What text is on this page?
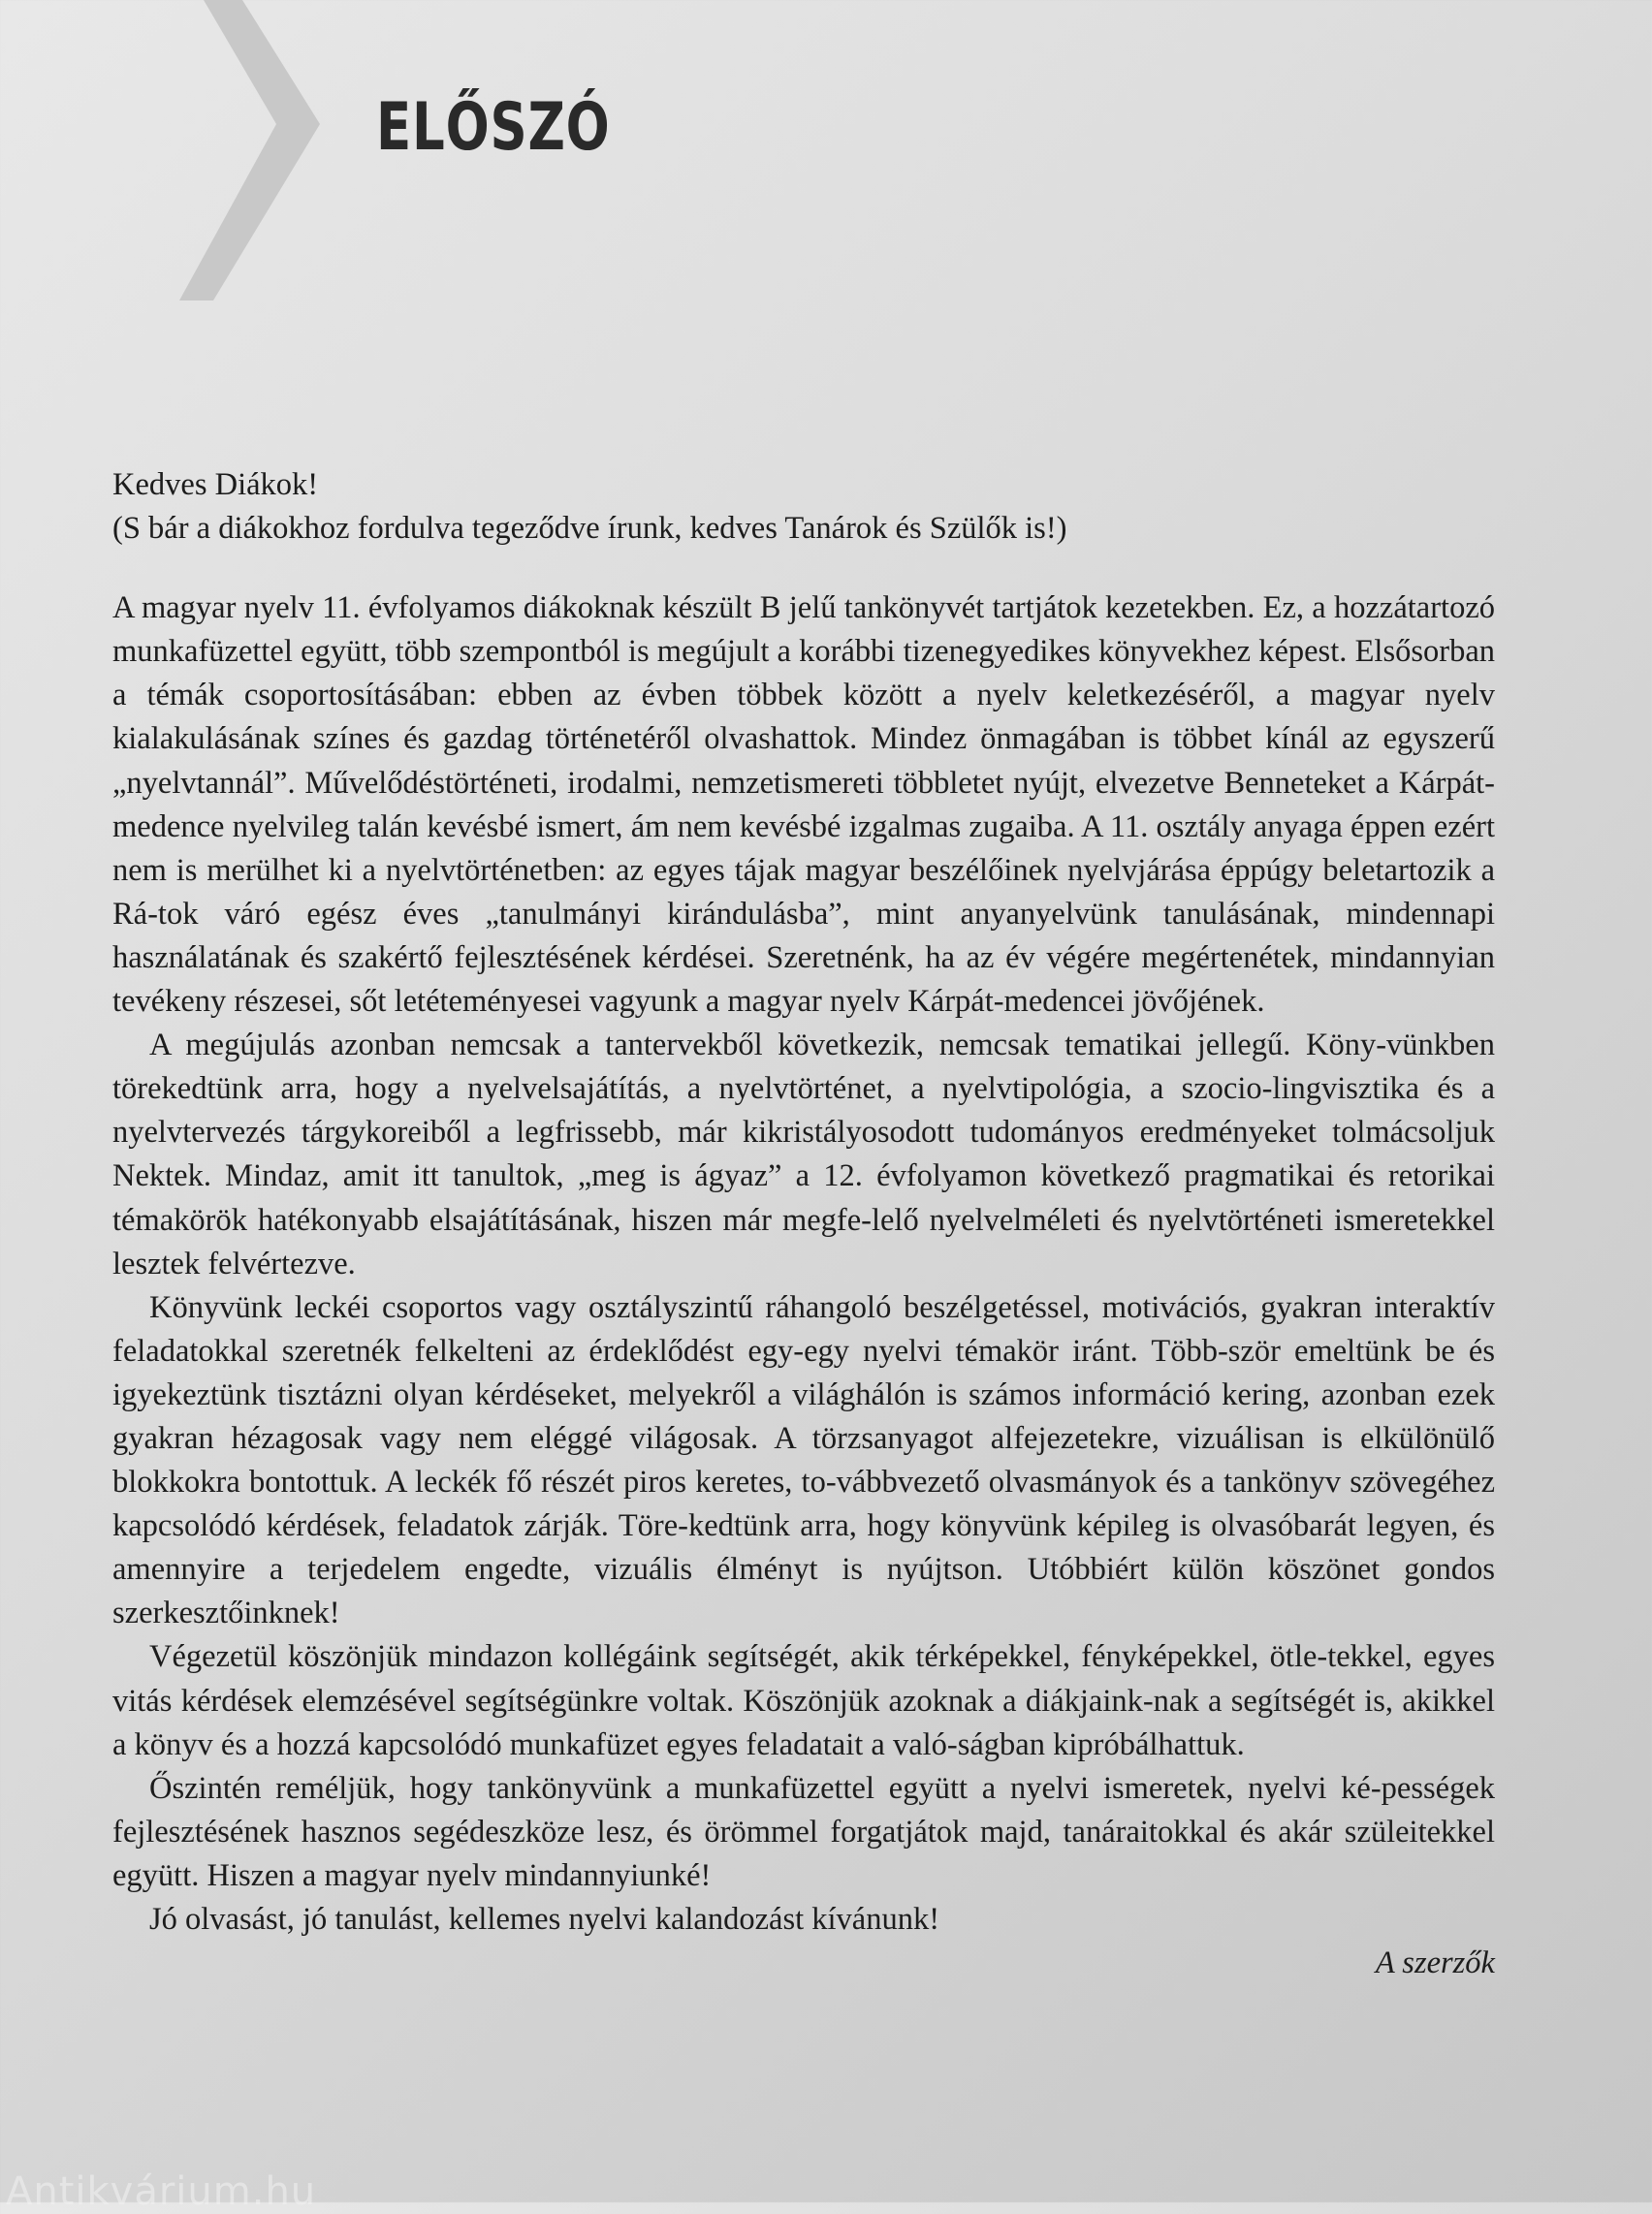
ELŐSZÓ

Kedves Diákok!

(S bár a diákokhoz fordulva tegeződve írunk, kedves Tanárok és Szülők is!)

A magyar nyelv 11. évfolyamos diákoknak készült B jelű tankönyvét tartjátok kezetekben. Ez, a hozzátartozó munkafüzettel együtt, több szempontból is megújult a korábbi tizenegyedikes könyvekhez képest. Elsősorban a témák csoportosításában: ebben az évben többek között a nyelv keletkezéséről, a magyar nyelv kialakulásának színes és gazdag történetéről olvashattok. Mindez önmagában is többet kínál az egyszerű „nyelvtannál”. Művelődéstörténeti, irodalmi, nemzetismereti többletet nyújt, elvezetve Benneteket a Kárpát-medence nyelvileg talán kevésbé ismert, ám nem kevésbé izgalmas zugaiba. A 11. osztály anyaga éppen ezért nem is merülhet ki a nyelvtörténetben: az egyes tájak magyar beszélőinek nyelvjárása éppúgy beletartozik a Rá-tok váró egész éves „tanulmányi kirándulásba”, mint anyanyelvünk tanulásának, mindennapi használatának és szakértő fejlesztésének kérdései. Szeretnénk, ha az év végére megértenétek, mindannyian tevékeny részesei, sőt letéteményesei vagyunk a magyar nyelv Kárpát-medencei jövőjének.

A megújulás azonban nemcsak a tantervekből következik, nemcsak tematikai jellegű. Köny-vünkben törekedtünk arra, hogy a nyelvelsajátítás, a nyelvtörténet, a nyelvtipológia, a szocio-lingvisztika és a nyelvtervezés tárgykoreiből a legfrissebb, már kikristályosodott tudományos eredményeket tolmácsoljuk Nektek. Mindaz, amit itt tanultok, „meg is ágyaz” a 12. évfolyamon következő pragmatikai és retorikai témakörök hatékonyabb elsajátításának, hiszen már megfe-lelő nyelvelméleti és nyelvtörténeti ismeretekkel lesztek felvértezve.

Könyvünk leckéi csoportos vagy osztályszintű ráhangoló beszélgetéssel, motivációs, gyakran interaktív feladatokkal szeretnék felkelteni az érdeklődést egy-egy nyelvi témakör iránt. Több-ször emeltünk be és igyekeztünk tisztázni olyan kérdéseket, melyekről a világhálón is számos információ kering, azonban ezek gyakran hézagosak vagy nem eléggé világosak. A törzsanyagot alfejezetekre, vizuálisan is elkülönülő blokkokra bontottuk. A leckék fő részét piros keretes, to-vábbvezető olvasmányok és a tankönyv szövegéhez kapcsolódó kérdések, feladatok zárják. Töre-kedtünk arra, hogy könyvünk képileg is olvasóbarát legyen, és amennyire a terjedelem engedte, vizuális élményt is nyújtson. Utóbbiért külön köszönet gondos szerkesztőinknek!

Végezetül köszönjük mindazon kollégáink segítségét, akik térképekkel, fényképekkel, ötle-tekkel, egyes vitás kérdések elemzésével segítségünkre voltak. Köszönjük azoknak a diákjaink-nak a segítségét is, akikkel a könyv és a hozzá kapcsolódó munkafüzet egyes feladatait a való-ságban kipróbálhattuk.

Őszintén reméljük, hogy tankönyvünk a munkafüzettel együtt a nyelvi ismeretek, nyelvi ké-pességek fejlesztésének hasznos segédeszköze lesz, és örömmel forgatjátok majd, tanáraitokkal és akár szüleitekkel együtt. Hiszen a magyar nyelv mindannyiunké!

Jó olvasást, jó tanulást, kellemes nyelvi kalandozást kívánunk!

A szerzők

Antikvárium.hu
